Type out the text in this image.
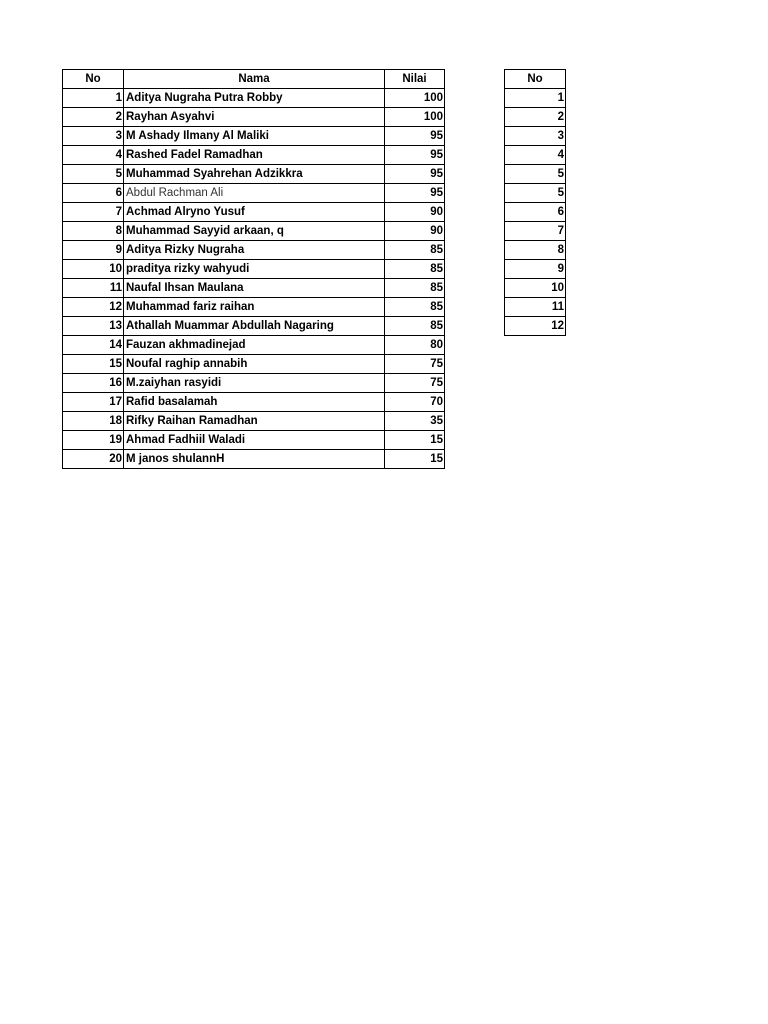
No	Nama	Nilai
1	Aditya Nugraha Putra Robby	100
2	Rayhan Asyahvi	100
3	M Ashady Ilmany Al Maliki	95
4	Rashed Fadel Ramadhan	95
5	Muhammad Syahrehan Adzikkra	95
6	Abdul Rachman Ali	95
7	Achmad Alryno Yusuf	90
8	Muhammad Sayyid arkaan, q	90
9	Aditya Rizky Nugraha	85
10	praditya rizky wahyudi	85
11	Naufal Ihsan Maulana	85
12	Muhammad fariz raihan	85
13	Athallah Muammar Abdullah Nagaring	85
14	Fauzan akhmadinejad	80
15	Noufal raghip annabih	75
16	M.zaiyhan rasyidi	75
17	Rafid basalamah	70
18	Rifky Raihan Ramadhan	35
19	Ahmad Fadhiil Waladi	15
20	M janos shulannH	15
No
1
2
3
4
5
5
6
7
8
9
10
11
12
